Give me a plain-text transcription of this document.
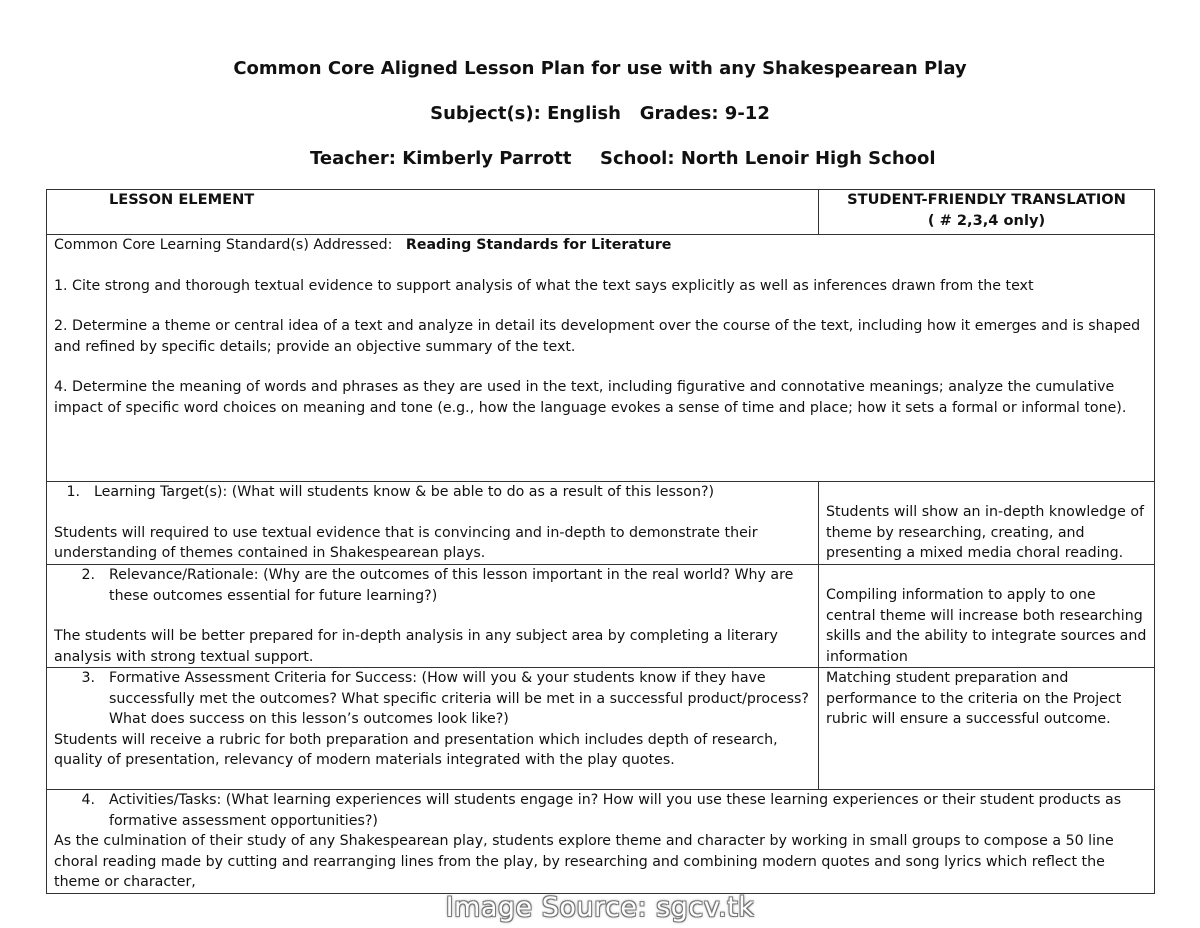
Common Core Aligned Lesson Plan for use with any Shakespearean Play
Subject(s): English   Grades: 9-12
Teacher: Kimberly Parrott School: North Lenoir High School
LESSON ELEMENT	STUDENT-FRIENDLY TRANSLATION
( # 2,3,4 only)

Common Core Learning Standard(s) Addressed: Reading Standards for Literature

1. Cite strong and thorough textual evidence to support analysis of what the text says explicitly as well as inferences drawn from the text

2. Determine a theme or central idea of a text and analyze in detail its development over the course of the text, including how it emerges and is shaped and refined by specific details; provide an objective summary of the text.

4. Determine the meaning of words and phrases as they are used in the text, including figurative and connotative meanings; analyze the cumulative impact of specific word choices on meaning and tone (e.g., how the language evokes a sense of time and place; how it sets a formal or informal tone).	

1. Learning Target(s): (What will students know & be able to do as a result of this lesson?)

Students will required to use textual evidence that is convincing and in-depth to demonstrate their understanding of themes contained in Shakespearean plays.	Students will show an in-depth knowledge of theme by researching, creating, and presenting a mixed media choral reading.

2. Relevance/Rationale: (Why are the outcomes of this lesson important in the real world? Why are these outcomes essential for future learning?)

The students will be better prepared for in-depth analysis in any subject area by completing a literary analysis with strong textual support.	Compiling information to apply to one central theme will increase both researching skills and the ability to integrate sources and information

3. Formative Assessment Criteria for Success: (How will you & your students know if they have successfully met the outcomes? What specific criteria will be met in a successful product/process? What does success on this lesson’s outcomes look like?)

Students will receive a rubric for both preparation and presentation which includes depth of research, quality of presentation, relevancy of modern materials integrated with the play quotes.	Matching student preparation and performance to the criteria on the Project rubric will ensure a successful outcome.

4. Activities/Tasks: (What learning experiences will students engage in? How will you use these learning experiences or their student products as formative assessment opportunities?)

As the culmination of their study of any Shakespearean play, students explore theme and character by working in small groups to compose a 50 line choral reading made by cutting and rearranging lines from the play, by researching and combining modern quotes and song lyrics which reflect the theme or character,	

Image Source: sgcv.tk
